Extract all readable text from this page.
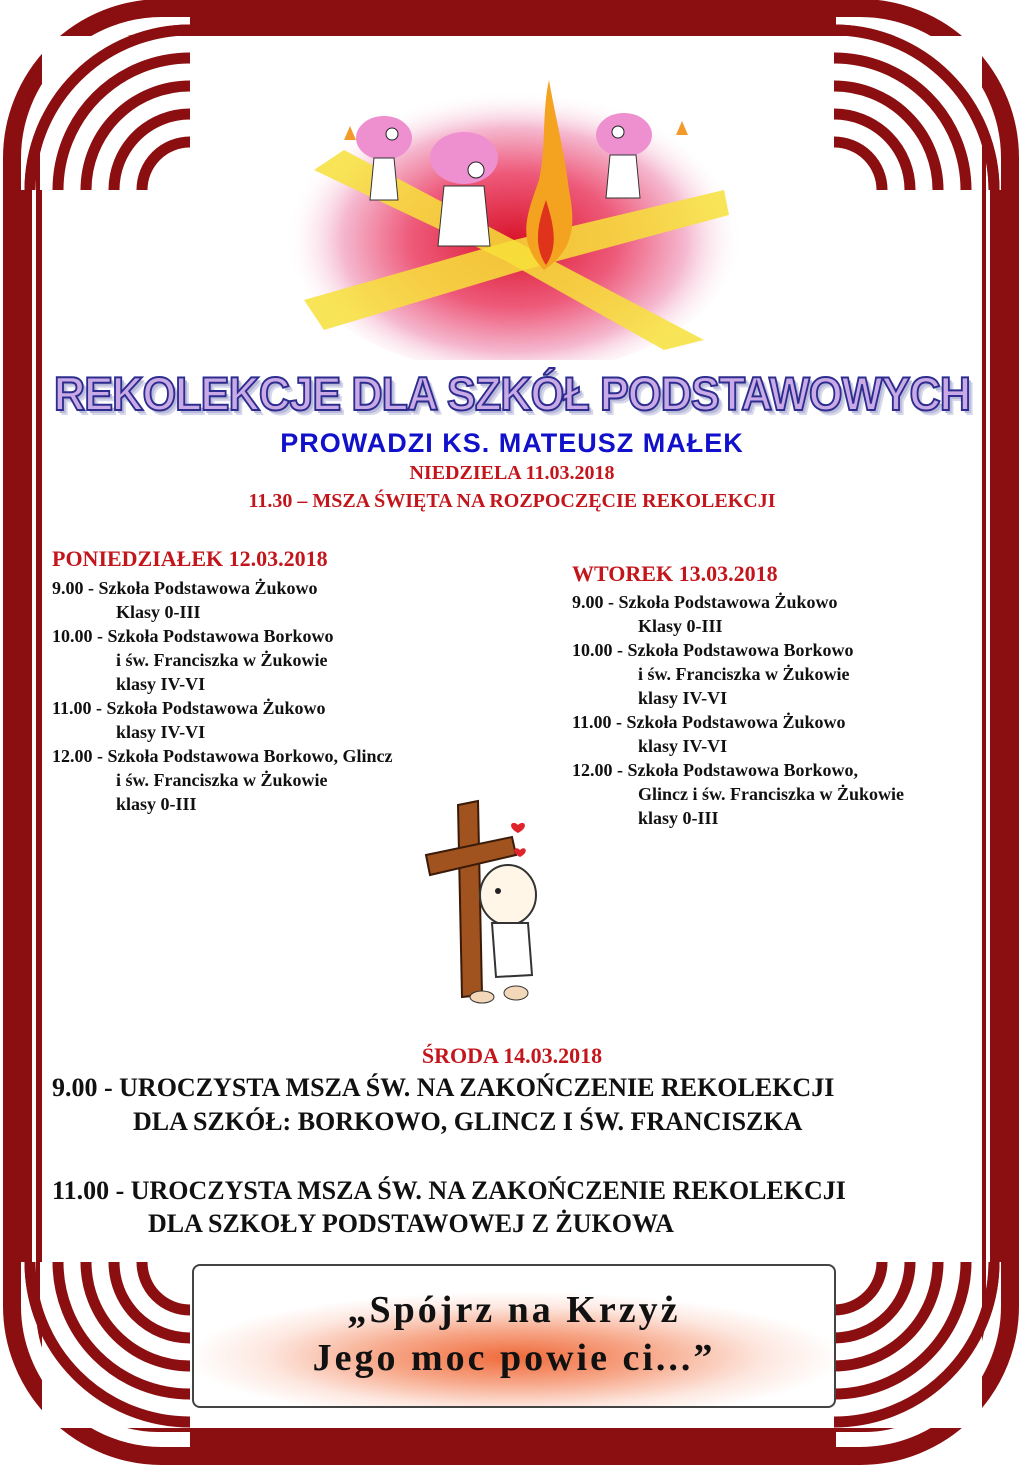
REKOLEKCJE DLA SZKÓŁ PODSTAWOWYCH
PROWADZI KS. MATEUSZ MAŁEK
NIEDZIELA 11.03.2018
11.30 – MSZA ŚWIĘTA NA ROZPOCZĘCIE REKOLEKCJI
PONIEDZIAŁEK 12.03.2018
9.00 - Szkoła Podstawowa Żukowo
Klasy 0-III
10.00 - Szkoła Podstawowa Borkowo
i św. Franciszka w Żukowie
klasy IV-VI
11.00 - Szkoła Podstawowa Żukowo
klasy IV-VI
12.00 - Szkoła Podstawowa Borkowo, Glincz
i św. Franciszka w Żukowie
klasy 0-III
WTOREK 13.03.2018
9.00 - Szkoła Podstawowa Żukowo
Klasy 0-III
10.00 - Szkoła Podstawowa Borkowo
i św. Franciszka w Żukowie
klasy IV-VI
11.00 - Szkoła Podstawowa Żukowo
klasy IV-VI
12.00 - Szkoła Podstawowa Borkowo,
Glincz i św. Franciszka w Żukowie
klasy 0-III
ŚRODA 14.03.2018
9.00 - UROCZYSTA MSZA ŚW. NA ZAKOŃCZENIE REKOLEKCJI
DLA SZKÓŁ: BORKOWO, GLINCZ I ŚW. FRANCISZKA
11.00 - UROCZYSTA MSZA ŚW. NA ZAKOŃCZENIE REKOLEKCJI
DLA SZKOŁY PODSTAWOWEJ Z ŻUKOWA
„Spójrz na Krzyż
Jego moc powie ci...”
